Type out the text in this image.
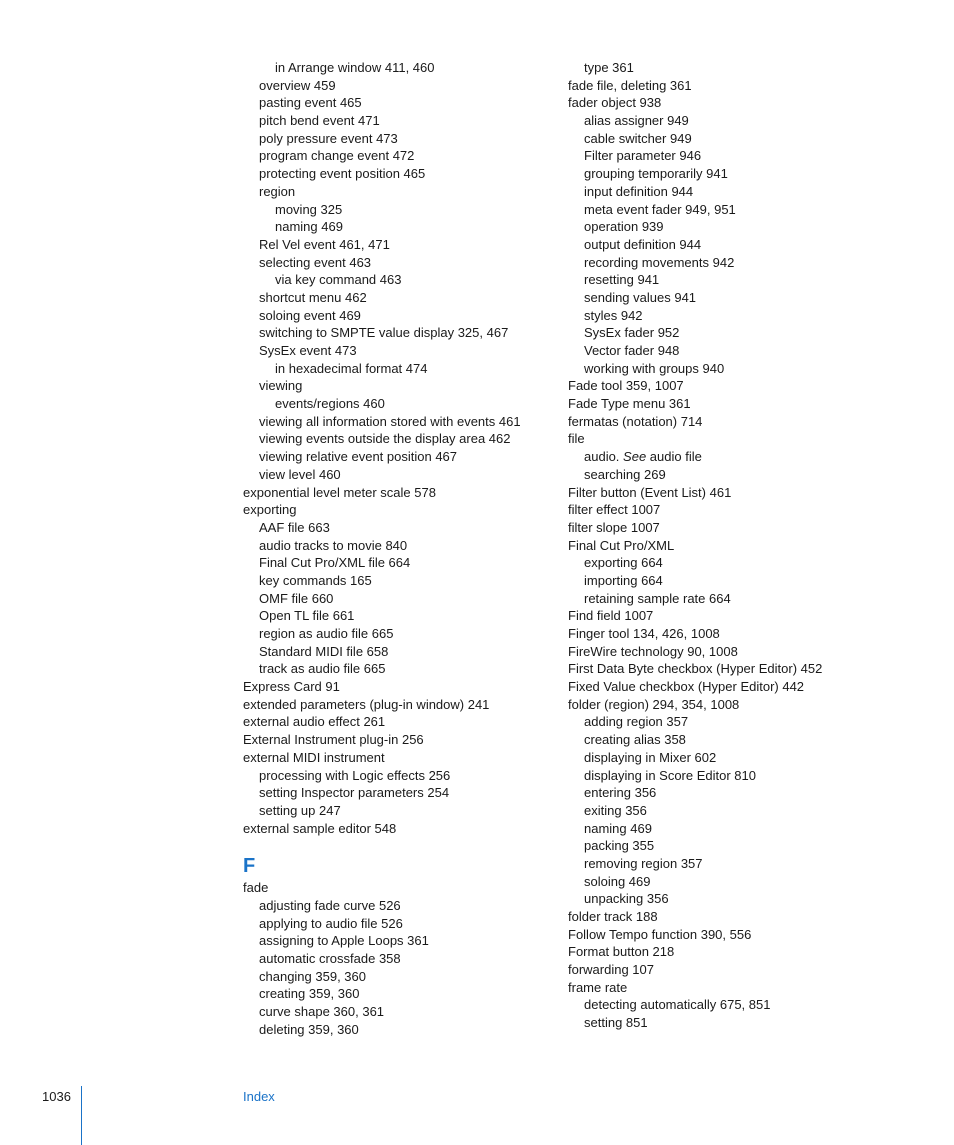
in Arrange window 411, 460
overview 459
pasting event 465
pitch bend event 471
poly pressure event 473
program change event 472
protecting event position 465
region
moving 325
naming 469
Rel Vel event 461, 471
selecting event 463
via key command 463
shortcut menu 462
soloing event 469
switching to SMPTE value display 325, 467
SysEx event 473
in hexadecimal format 474
viewing
events/regions 460
viewing all information stored with events 461
viewing events outside the display area 462
viewing relative event position 467
view level 460
exponential level meter scale 578
exporting
AAF file 663
audio tracks to movie 840
Final Cut Pro/XML file 664
key commands 165
OMF file 660
Open TL file 661
region as audio file 665
Standard MIDI file 658
track as audio file 665
Express Card 91
extended parameters (plug-in window) 241
external audio effect 261
External Instrument plug-in 256
external MIDI instrument
processing with Logic effects 256
setting Inspector parameters 254
setting up 247
external sample editor 548
F
fade
adjusting fade curve 526
applying to audio file 526
assigning to Apple Loops 361
automatic crossfade 358
changing 359, 360
creating 359, 360
curve shape 360, 361
deleting 359, 360
type 361
fade file, deleting 361
fader object 938
alias assigner 949
cable switcher 949
Filter parameter 946
grouping temporarily 941
input definition 944
meta event fader 949, 951
operation 939
output definition 944
recording movements 942
resetting 941
sending values 941
styles 942
SysEx fader 952
Vector fader 948
working with groups 940
Fade tool 359, 1007
Fade Type menu 361
fermatas (notation) 714
file
audio. See audio file
searching 269
Filter button (Event List) 461
filter effect 1007
filter slope 1007
Final Cut Pro/XML
exporting 664
importing 664
retaining sample rate 664
Find field 1007
Finger tool 134, 426, 1008
FireWire technology 90, 1008
First Data Byte checkbox (Hyper Editor) 452
Fixed Value checkbox (Hyper Editor) 442
folder (region) 294, 354, 1008
adding region 357
creating alias 358
displaying in Mixer 602
displaying in Score Editor 810
entering 356
exiting 356
naming 469
packing 355
removing region 357
soloing 469
unpacking 356
folder track 188
Follow Tempo function 390, 556
Format button 218
forwarding 107
frame rate
detecting automatically 675, 851
setting 851
1036	Index
